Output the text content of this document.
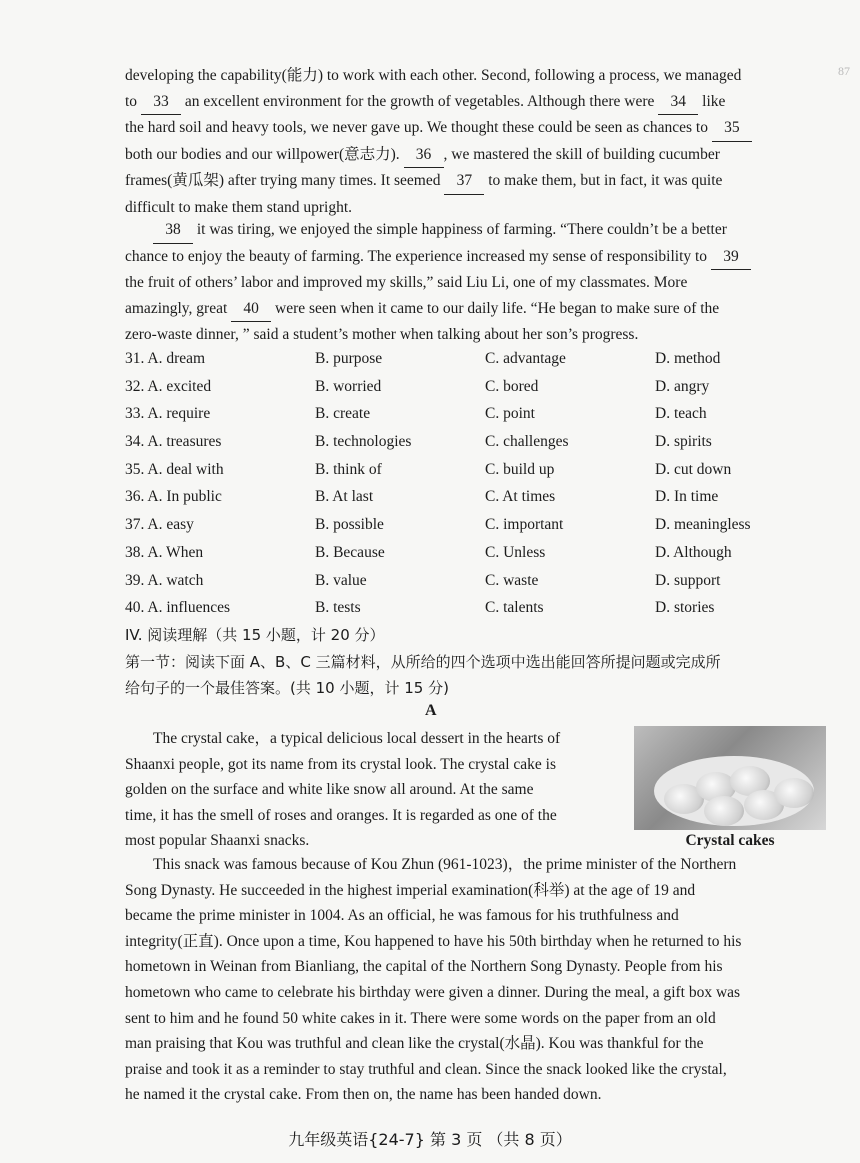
87
developing the capability(能力) to work with each other. Second, following a process, we managed
to 33 an excellent environment for the growth of vegetables. Although there were 34 like
the hard soil and heavy tools, we never gave up. We thought these could be seen as chances to 35
both our bodies and our willpower(意志力). 36 , we mastered the skill of building cucumber
frames(黄瓜架) after trying many times. It seemed 37 to make them, but in fact, it was quite
difficult to make them stand upright.
38 it was tiring, we enjoyed the simple happiness of farming. “There couldn’t be a better
chance to enjoy the beauty of farming. The experience increased my sense of responsibility to 39
the fruit of others’ labor and improved my skills,” said Liu Li, one of my classmates. More
amazingly, great 40 were seen when it came to our daily life. “He began to make sure of the
zero-waste dinner, ” said a student’s mother when talking about her son’s progress.
31. A. dream	B. purpose	C. advantage	D. method
32. A. excited	B. worried	C. bored	D. angry
33. A. require	B. create	C. point	D. teach
34. A. treasures	B. technologies	C. challenges	D. spirits
35. A. deal with	B. think of	C. build up	D. cut down
36. A. In public	B. At last	C. At times	D. In time
37. A. easy	B. possible	C. important	D. meaningless
38. A. When	B. Because	C. Unless	D. Although
39. A. watch	B. value	C. waste	D. support
40. A. influences	B. tests	C. talents	D. stories
IV. 阅读理解（共 15 小题，计 20 分）
第一节：阅读下面 A、B、C 三篇材料，从所给的四个选项中选出能回答所提问题或完成所
给句子的一个最佳答案。(共 10 小题，计 15 分)
A
The crystal cake，a typical delicious local dessert in the hearts of
Shaanxi people, got its name from its crystal look. The crystal cake is
golden on the surface and white like snow all around. At the same
time, it has the smell of roses and oranges. It is regarded as one of the
most popular Shaanxi snacks.	Crystal cakes
This snack was famous because of Kou Zhun (961-1023)，the prime minister of the Northern
Song Dynasty. He succeeded in the highest imperial examination(科举) at the age of 19 and
became the prime minister in 1004. As an official, he was famous for his truthfulness and
integrity(正直). Once upon a time, Kou happened to have his 50th birthday when he returned to his
hometown in Weinan from Bianliang, the capital of the Northern Song Dynasty. People from his
hometown who came to celebrate his birthday were given a dinner. During the meal, a gift box was
sent to him and he found 50 white cakes in it. There were some words on the paper from an old
man praising that Kou was truthful and clean like the crystal(水晶). Kou was thankful for the
praise and took it as a reminder to stay truthful and clean. Since the snack looked like the crystal,
he named it the crystal cake. From then on, the name has been handed down.
九年级英语{24-7} 第 3 页 （共 8 页）
